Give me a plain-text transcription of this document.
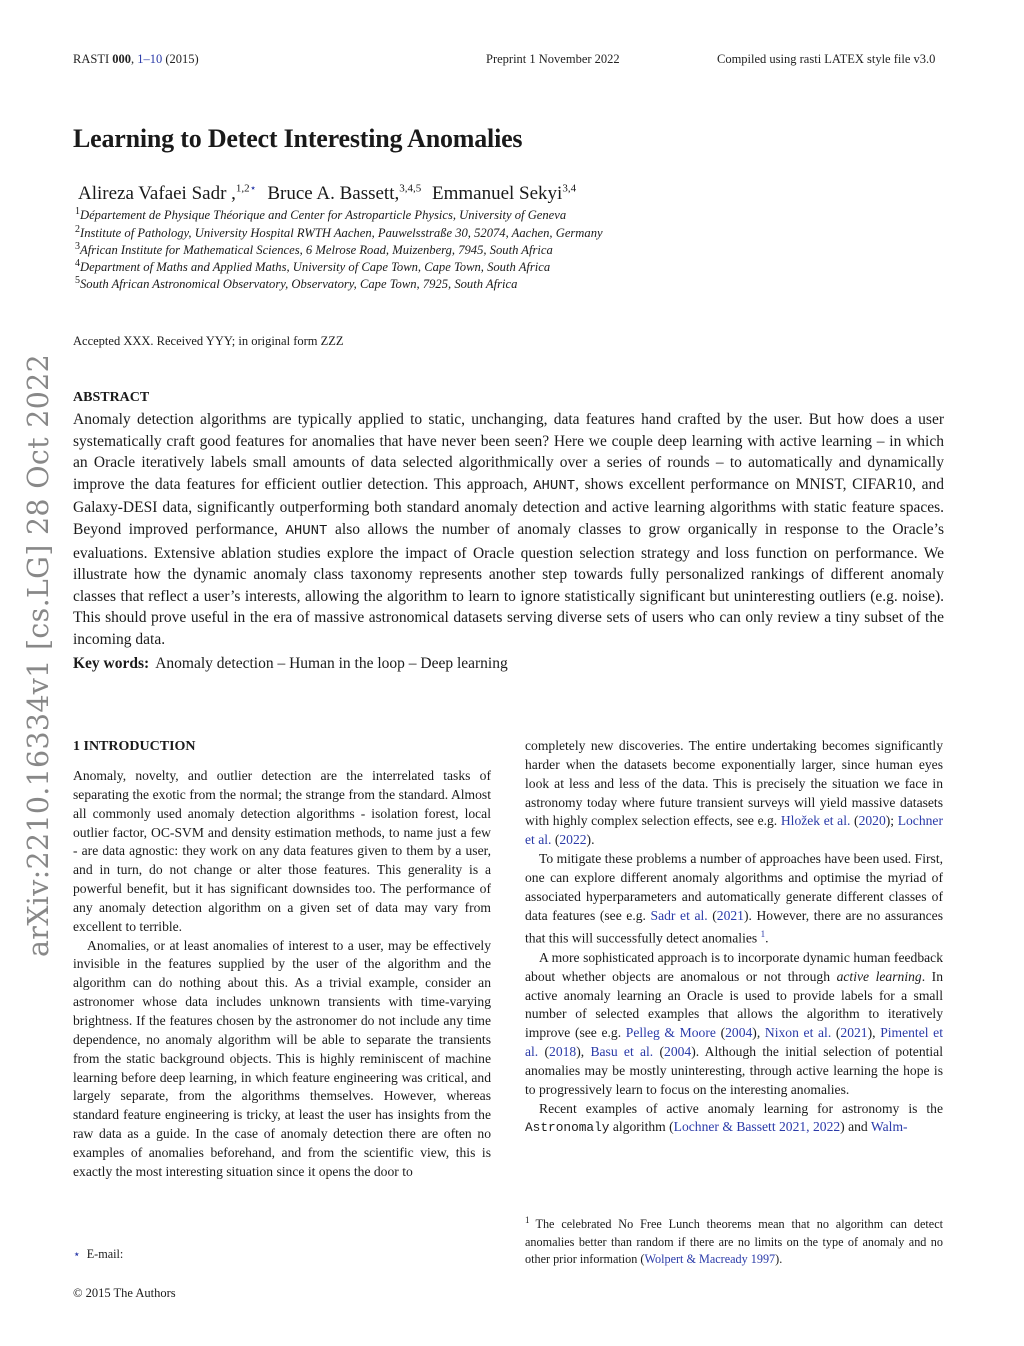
RASTI 000, 1–10 (2015)	Preprint 1 November 2022	Compiled using rasti LATEX style file v3.0
Learning to Detect Interesting Anomalies
Alireza Vafaei Sadr ,$^{1,2⋆}$ Bruce A. Bassett,$^{3,4,5}$ Emmanuel Sekyi$^{3,4}$
$^1$Département de Physique Théorique and Center for Astroparticle Physics, University of Geneva
$^2$Institute of Pathology, University Hospital RWTH Aachen, Pauwelsstraße 30, 52074, Aachen, Germany
$^3$African Institute for Mathematical Sciences, 6 Melrose Road, Muizenberg, 7945, South Africa
$^4$Department of Maths and Applied Maths, University of Cape Town, Cape Town, South Africa
$^5$South African Astronomical Observatory, Observatory, Cape Town, 7925, South Africa
Accepted XXX. Received YYY; in original form ZZZ
ABSTRACT
Anomaly detection algorithms are typically applied to static, unchanging, data features hand crafted by the user. But how does a user systematically craft good features for anomalies that have never been seen? Here we couple deep learning with active learning – in which an Oracle iteratively labels small amounts of data selected algorithmically over a series of rounds – to automatically and dynamically improve the data features for efficient outlier detection. This approach, AHUNT, shows excellent performance on MNIST, CIFAR10, and Galaxy-DESI data, significantly outperforming both standard anomaly detection and active learning algorithms with static feature spaces. Beyond improved performance, AHUNT also allows the number of anomaly classes to grow organically in response to the Oracle’s evaluations. Extensive ablation studies explore the impact of Oracle question selection strategy and loss function on performance. We illustrate how the dynamic anomaly class taxonomy represents another step towards fully personalized rankings of different anomaly classes that reflect a user’s interests, allowing the algorithm to learn to ignore statistically significant but uninteresting outliers (e.g. noise). This should prove useful in the era of massive astronomical datasets serving diverse sets of users who can only review a tiny subset of the incoming data.
Key words: Anomaly detection – Human in the loop – Deep learning
arXiv:2210.16334v1 [cs.LG] 28 Oct 2022 1 INTRODUCTION

Anomaly, novelty, and outlier detection are the interrelated tasks of separating the exotic from the normal; the strange from the standard. Almost all commonly used anomaly detection algorithms - isolation forest, local outlier factor, OC-SVM and density estimation methods, to name just a few - are data agnostic: they work on any data features given to them by a user, and in turn, do not change or alter those features. This generality is a powerful benefit, but it has significant downsides too. The performance of any anomaly detection algorithm on a given set of data may vary from excellent to terrible.

Anomalies, or at least anomalies of interest to a user, may be effectively invisible in the features supplied by the user of the algorithm and the algorithm can do nothing about this. As a trivial example, consider an astronomer whose data includes unknown transients with time-varying brightness. If the features chosen by the astronomer do not include any time dependence, no anomaly algorithm will be able to separate the transients from the static background objects. This is highly reminiscent of machine learning before deep learning, in which feature engineering was critical, and largely separate, from the algorithms themselves. However, whereas standard feature engineering is tricky, at least the user has insights from the raw data as a guide. In the case of anomaly detection there are often no examples of anomalies beforehand, and from the scientific view, this is exactly the most interesting situation since it opens the door to

completely new discoveries. The entire undertaking becomes significantly harder when the datasets become exponentially larger, since human eyes look at less and less of the data. This is precisely the situation we face in astronomy today where future transient surveys will yield massive datasets with highly complex selection effects, see e.g. Hložek et al. (2020); Lochner et al. (2022).

To mitigate these problems a number of approaches have been used. First, one can explore different anomaly algorithms and optimise the myriad of associated hyperparameters and automatically generate different classes of data features (see e.g. Sadr et al. (2021). However, there are no assurances that this will successfully detect anomalies $^1$.

A more sophisticated approach is to incorporate dynamic human feedback about whether objects are anomalous or not through active learning. In active anomaly learning an Oracle is used to provide labels for a small number of selected examples that allows the algorithm to iteratively improve (see e.g. Pelleg & Moore (2004), Nixon et al. (2021), Pimentel et al. (2018), Basu et al. (2004). Although the initial selection of potential anomalies may be mostly uninteresting, through active learning the hope is to progressively learn to focus on the interesting anomalies.

Recent examples of active anomaly learning for astronomy is the Astronomaly algorithm (Lochner & Bassett 2021, 2022) and Walm-

$^1$ The celebrated No Free Lunch theorems mean that no algorithm can detect anomalies better than random if there are no limits on the type of anomaly and no other prior information (Wolpert & Macready 1997).
⋆ E-mail:
© 2015 The Authors
